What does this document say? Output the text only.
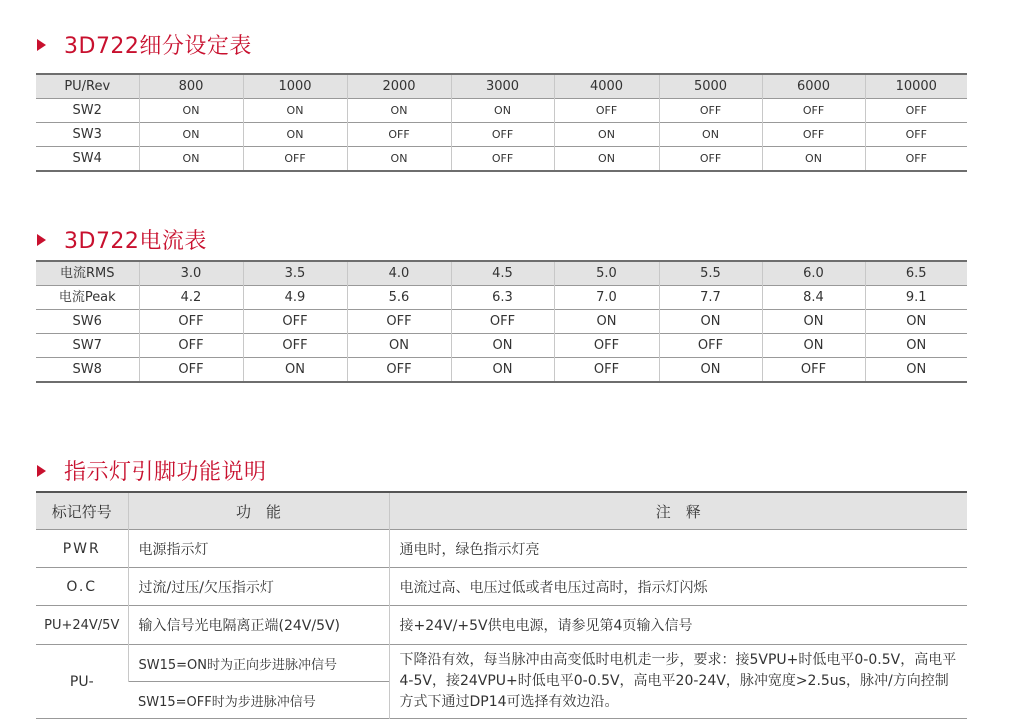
3D722细分设定表
PU/Rev	800	1000	2000	3000	4000	5000	6000	10000
SW2	ON	ON	ON	ON	OFF	OFF	OFF	OFF
SW3	ON	ON	OFF	OFF	ON	ON	OFF	OFF
SW4	ON	OFF	ON	OFF	ON	OFF	ON	OFF
3D722电流表
电流RMS	3.0	3.5	4.0	4.5	5.0	5.5	6.0	6.5
电流Peak	4.2	4.9	5.6	6.3	7.0	7.7	8.4	9.1
SW6	OFF	OFF	OFF	OFF	ON	ON	ON	ON
SW7	OFF	OFF	ON	ON	OFF	OFF	ON	ON
SW8	OFF	ON	OFF	ON	OFF	ON	OFF	ON
指示灯引脚功能说明
标记符号	功　能	注　释
PWR	电源指示灯	通电时，绿色指示灯亮
O.C	过流/过压/欠压指示灯	电流过高、电压过低或者电压过高时，指示灯闪烁
PU+24V/5V	输入信号光电隔离正端(24V/5V)	接+24V/+5V供电电源，请参见第4页输入信号
PU-	SW15=ON时为正向步进脉冲信号	下降沿有效，每当脉冲由高变低时电机走一步，要求：接5VPU+时低电平0-0.5V，高电平4-5V，接24VPU+时低电平0-0.5V，高电平20-24V，脉冲宽度>2.5us，脉冲/方向控制方式下通过DP14可选择有效边沿。
	SW15=OFF时为步进脉冲信号	
